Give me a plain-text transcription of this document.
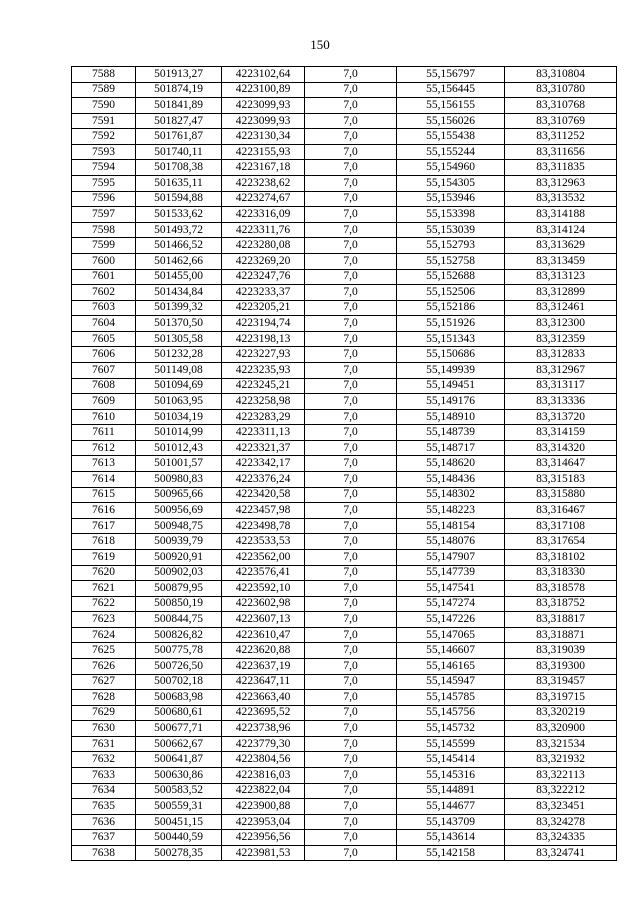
150
7588	501913,27	4223102,64	7,0	55,156797	83,310804
7589	501874,19	4223100,89	7,0	55,156445	83,310780
7590	501841,89	4223099,93	7,0	55,156155	83,310768
7591	501827,47	4223099,93	7,0	55,156026	83,310769
7592	501761,87	4223130,34	7,0	55,155438	83,311252
7593	501740,11	4223155,93	7,0	55,155244	83,311656
7594	501708,38	4223167,18	7,0	55,154960	83,311835
7595	501635,11	4223238,62	7,0	55,154305	83,312963
7596	501594,88	4223274,67	7,0	55,153946	83,313532
7597	501533,62	4223316,09	7,0	55,153398	83,314188
7598	501493,72	4223311,76	7,0	55,153039	83,314124
7599	501466,52	4223280,08	7,0	55,152793	83,313629
7600	501462,66	4223269,20	7,0	55,152758	83,313459
7601	501455,00	4223247,76	7,0	55,152688	83,313123
7602	501434,84	4223233,37	7,0	55,152506	83,312899
7603	501399,32	4223205,21	7,0	55,152186	83,312461
7604	501370,50	4223194,74	7,0	55,151926	83,312300
7605	501305,58	4223198,13	7,0	55,151343	83,312359
7606	501232,28	4223227,93	7,0	55,150686	83,312833
7607	501149,08	4223235,93	7,0	55,149939	83,312967
7608	501094,69	4223245,21	7,0	55,149451	83,313117
7609	501063,95	4223258,98	7,0	55,149176	83,313336
7610	501034,19	4223283,29	7,0	55,148910	83,313720
7611	501014,99	4223311,13	7,0	55,148739	83,314159
7612	501012,43	4223321,37	7,0	55,148717	83,314320
7613	501001,57	4223342,17	7,0	55,148620	83,314647
7614	500980,83	4223376,24	7,0	55,148436	83,315183
7615	500965,66	4223420,58	7,0	55,148302	83,315880
7616	500956,69	4223457,98	7,0	55,148223	83,316467
7617	500948,75	4223498,78	7,0	55,148154	83,317108
7618	500939,79	4223533,53	7,0	55,148076	83,317654
7619	500920,91	4223562,00	7,0	55,147907	83,318102
7620	500902,03	4223576,41	7,0	55,147739	83,318330
7621	500879,95	4223592,10	7,0	55,147541	83,318578
7622	500850,19	4223602,98	7,0	55,147274	83,318752
7623	500844,75	4223607,13	7,0	55,147226	83,318817
7624	500826,82	4223610,47	7,0	55,147065	83,318871
7625	500775,78	4223620,88	7,0	55,146607	83,319039
7626	500726,50	4223637,19	7,0	55,146165	83,319300
7627	500702,18	4223647,11	7,0	55,145947	83,319457
7628	500683,98	4223663,40	7,0	55,145785	83,319715
7629	500680,61	4223695,52	7,0	55,145756	83,320219
7630	500677,71	4223738,96	7,0	55,145732	83,320900
7631	500662,67	4223779,30	7,0	55,145599	83,321534
7632	500641,87	4223804,56	7,0	55,145414	83,321932
7633	500630,86	4223816,03	7,0	55,145316	83,322113
7634	500583,52	4223822,04	7,0	55,144891	83,322212
7635	500559,31	4223900,88	7,0	55,144677	83,323451
7636	500451,15	4223953,04	7,0	55,143709	83,324278
7637	500440,59	4223956,56	7,0	55,143614	83,324335
7638	500278,35	4223981,53	7,0	55,142158	83,324741
